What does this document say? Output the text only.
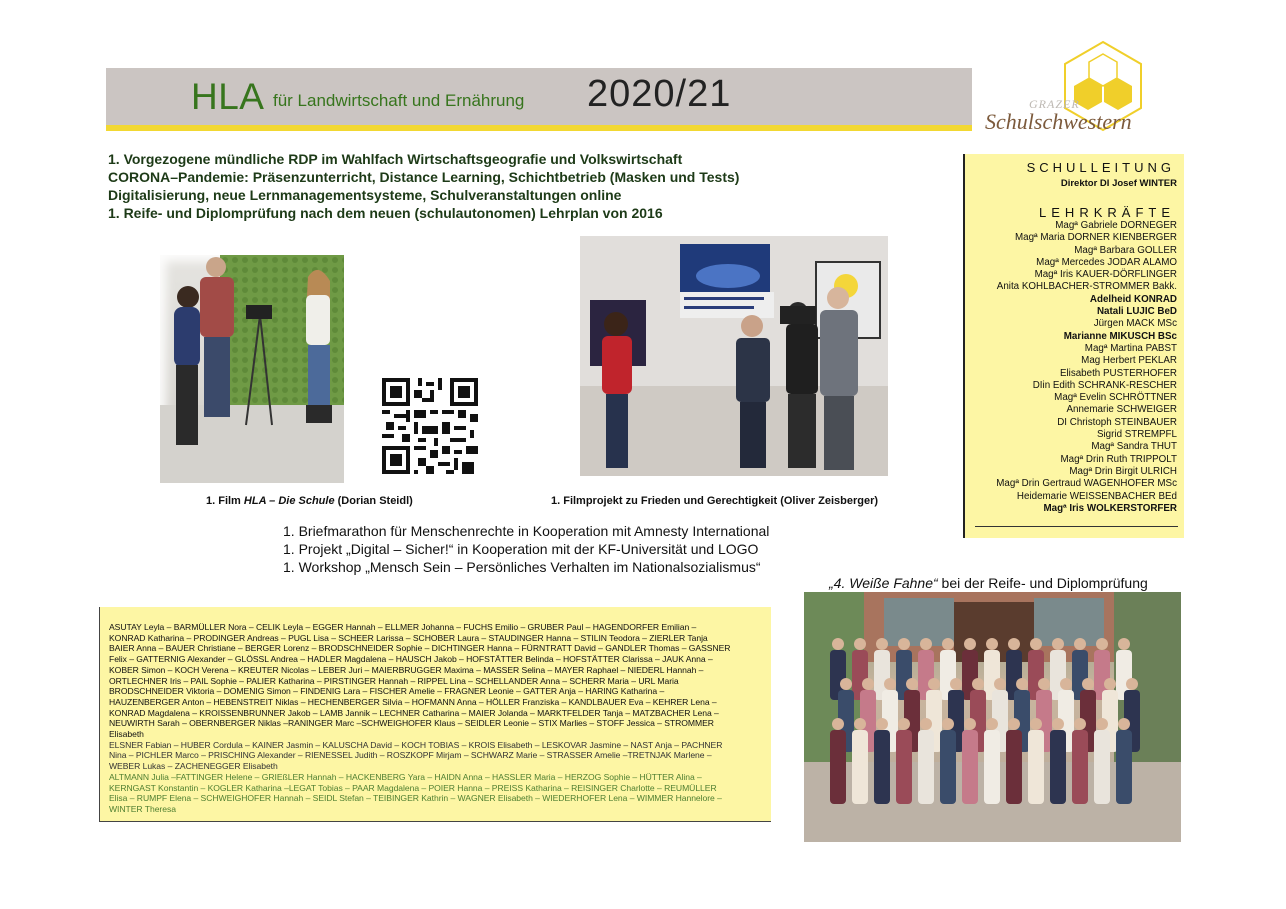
HLA für Landwirtschaft und Ernährung 2020/21	GRAZER
Schulschwestern
1. Vorgezogene mündliche RDP im Wahlfach Wirtschaftsgeografie und Volkswirtschaft
CORONA–Pandemie: Präsenzunterricht, Distance Learning, Schichtbetrieb (Masken und Tests)
Digitalisierung, neue Lernmanagementsysteme, Schulveranstaltungen online
1. Reife- und Diplomprüfung nach dem neuen (schulautonomen) Lehrplan von 2016
1. Film HLA – Die Schule (Dorian Steidl)	1. Filmprojekt zu Frieden und Gerechtigkeit (Oliver Zeisberger)
1. Briefmarathon für Menschenrechte in Kooperation mit Amnesty International
1. Projekt „Digital – Sicher!“ in Kooperation mit der KF-Universität und LOGO
1. Workshop „Mensch Sein – Persönliches Verhalten im Nationalsozialismus“
„4. Weiße Fahne“ bei der Reife- und Diplomprüfung
SCHULLEITUNG
Direktor DI Josef WINTER
LEHRKRÄFTE
Magª Gabriele DORNEGER
Magª Maria DORNER KIENBERGER
Magª Barbara GOLLER
Magª Mercedes JODAR ALAMO
Magª Iris KAUER-DÖRFLINGER
Anita KOHLBACHER-STROMMER Bakk.
Adelheid KONRAD
Natali LUJIC BeD
Jürgen MACK MSc
Marianne MIKUSCH BSc
Magª Martina PABST
Mag Herbert PEKLAR
Elisabeth PUSTERHOFER
DIin Edith SCHRANK-RESCHER
Magª Evelin SCHRÖTTNER
Annemarie SCHWEIGER
DI Christoph STEINBAUER
Sigrid STREMPFL
Magª Sandra THUT
Magª Drin Ruth TRIPPOLT
Magª Drin Birgit ULRICH
Magª Drin Gertraud WAGENHOFER MSc
Heidemarie WEISSENBACHER BEd
Magª Iris WOLKERSTORFER
ASUTAY Leyla – BARMÜLLER Nora – CELIK Leyla – EGGER Hannah – ELLMER Johanna – FUCHS Emilio – GRUBER Paul – HAGENDORFER Emilian –
KONRAD Katharina – PRODINGER Andreas – PUGL Lisa – SCHEER Larissa – SCHOBER Laura – STAUDINGER Hanna – STILIN Teodora – ZIERLER Tanja
BAIER Anna – BAUER Christiane – BERGER Lorenz – BRODSCHNEIDER Sophie – DICHTINGER Hanna – FÜRNTRATT David – GANDLER Thomas – GASSNER
Felix – GATTERNIG Alexander – GLÖSSL Andrea – HADLER Magdalena – HAUSCH Jakob – HOFSTÄTTER Belinda – HOFSTÄTTER Clarissa – JAUK Anna –
KOBER Simon – KOCH Verena – KREUTER Nicolas – LEBER Juri – MAIERBRUGGER Maxima – MASSER Selina – MAYER Raphael – NIEDERL Hannah –
ORTLECHNER Iris – PAIL Sophie – PALIER Katharina – PIRSTINGER Hannah – RIPPEL Lina – SCHELLANDER Anna – SCHERR Maria – URL Maria
BRODSCHNEIDER Viktoria – DOMENIG Simon – FINDENIG Lara – FISCHER Amelie – FRAGNER Leonie – GATTER Anja – HARING Katharina –
HAUZENBERGER Anton – HEBENSTREIT Niklas – HECHENBERGER Silvia – HOFMANN Anna – HÖLLER Franziska – KANDLBAUER Eva – KEHRER Lena –
KONRAD Magdalena – KROISSENBRUNNER Jakob – LAMB Jannik – LECHNER Catharina – MAIER Jolanda – MARKTFELDER Tanja – MATZBACHER Lena –
NEUWIRTH Sarah – OBERNBERGER Niklas –RANINGER Marc –SCHWEIGHOFER Klaus – SEIDLER Leonie – STIX Marlies – STOFF Jessica – STROMMER
Elisabeth
ELSNER Fabian – HUBER Cordula – KAINER Jasmin – KALUSCHA David – KOCH TOBIAS – KROIS Elisabeth – LESKOVAR Jasmine – NAST Anja – PACHNER
Nina – PICHLER Marco – PRISCHING Alexander – RIENESSEL Judith – ROSZKOPF Mirjam – SCHWARZ Marie – STRASSER Amelie –TRETNJAK Marlene –
WEBER Lukas – ZACHENEGGER Elisabeth
ALTMANN Julia –FATTINGER Helene – GRIEßLER Hannah – HACKENBERG Yara – HAIDN Anna – HASSLER Maria – HERZOG Sophie – HÜTTER Alina –
KERNGAST Konstantin – KOGLER Katharina –LEGAT Tobias – PAAR Magdalena – POIER Hanna – PREISS Katharina – REISINGER Charlotte – REUMÜLLER
Elisa – RUMPF Elena – SCHWEIGHOFER Hannah – SEIDL Stefan – TEIBINGER Kathrin – WAGNER Elisabeth – WIEDERHOFER Lena – WIMMER Hannelore –
WINTER Theresa
